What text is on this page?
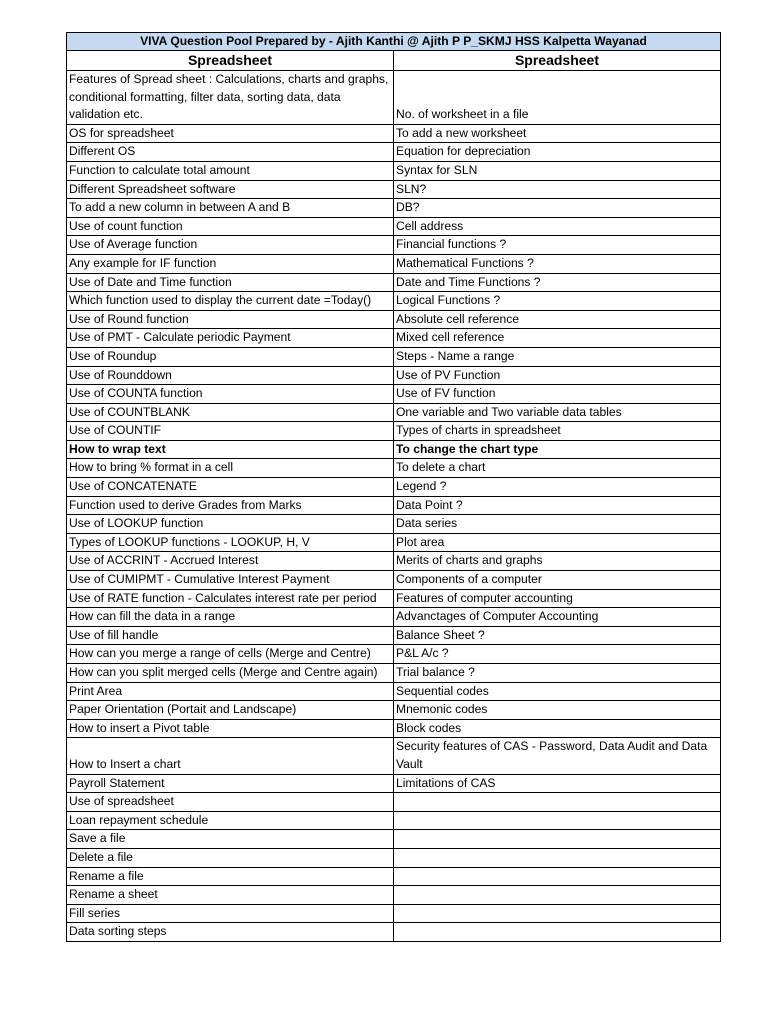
VIVA Question Pool Prepared by - Ajith Kanthi @ Ajith P P_SKMJ HSS Kalpetta Wayanad	
Spreadsheet	Spreadsheet
Features of Spread sheet : Calculations, charts and graphs, conditional formatting, filter data, sorting data, data validation etc.	No. of worksheet in a file
OS for spreadsheet	To add a new worksheet
Different OS	Equation for depreciation
Function to calculate total amount	Syntax for SLN
Different Spreadsheet software	SLN?
To add a new column in between A and B	DB?
Use of count function	Cell address
Use of Average function	Financial functions ?
Any example for IF function	Mathematical Functions ?
Use of Date and Time function	Date and Time Functions ?
Which function used to display the current date =Today()	Logical Functions ?
Use of Round function	Absolute cell reference
Use of PMT - Calculate periodic Payment	Mixed cell reference
Use of Roundup	Steps - Name a range
Use of Rounddown	Use of PV Function
Use of COUNTA function	Use of FV function
Use of COUNTBLANK	One variable and Two variable data tables
Use of COUNTIF	Types of charts in spreadsheet
How to wrap text	To change the chart type
How to bring % format in a cell	To delete a chart
Use of CONCATENATE	Legend ?
Function used to derive Grades from Marks	Data Point ?
Use of LOOKUP function	Data series
Types of LOOKUP functions - LOOKUP, H, V	Plot area
Use of ACCRINT - Accrued Interest	Merits of charts and graphs
Use of CUMIPMT - Cumulative Interest Payment	Components of a computer
Use of RATE function - Calculates interest rate per period	Features of computer accounting
How can fill the data in a range	Advanctages of Computer Accounting
Use of fill handle	Balance Sheet ?
How can you merge a range of cells (Merge and Centre)	P&L A/c ?
How can you split merged cells (Merge and Centre again)	Trial balance ?
Print Area	Sequential codes
Paper Orientation (Portait and Landscape)	Mnemonic codes
How to insert a Pivot table	Block codes
How to Insert a chart	Security features of CAS - Password, Data Audit and Data Vault
Payroll Statement	Limitations of CAS
Use of spreadsheet	
Loan repayment schedule	
Save a file	
Delete a file	
Rename a file	
Rename a sheet	
Fill series	
Data sorting steps	
